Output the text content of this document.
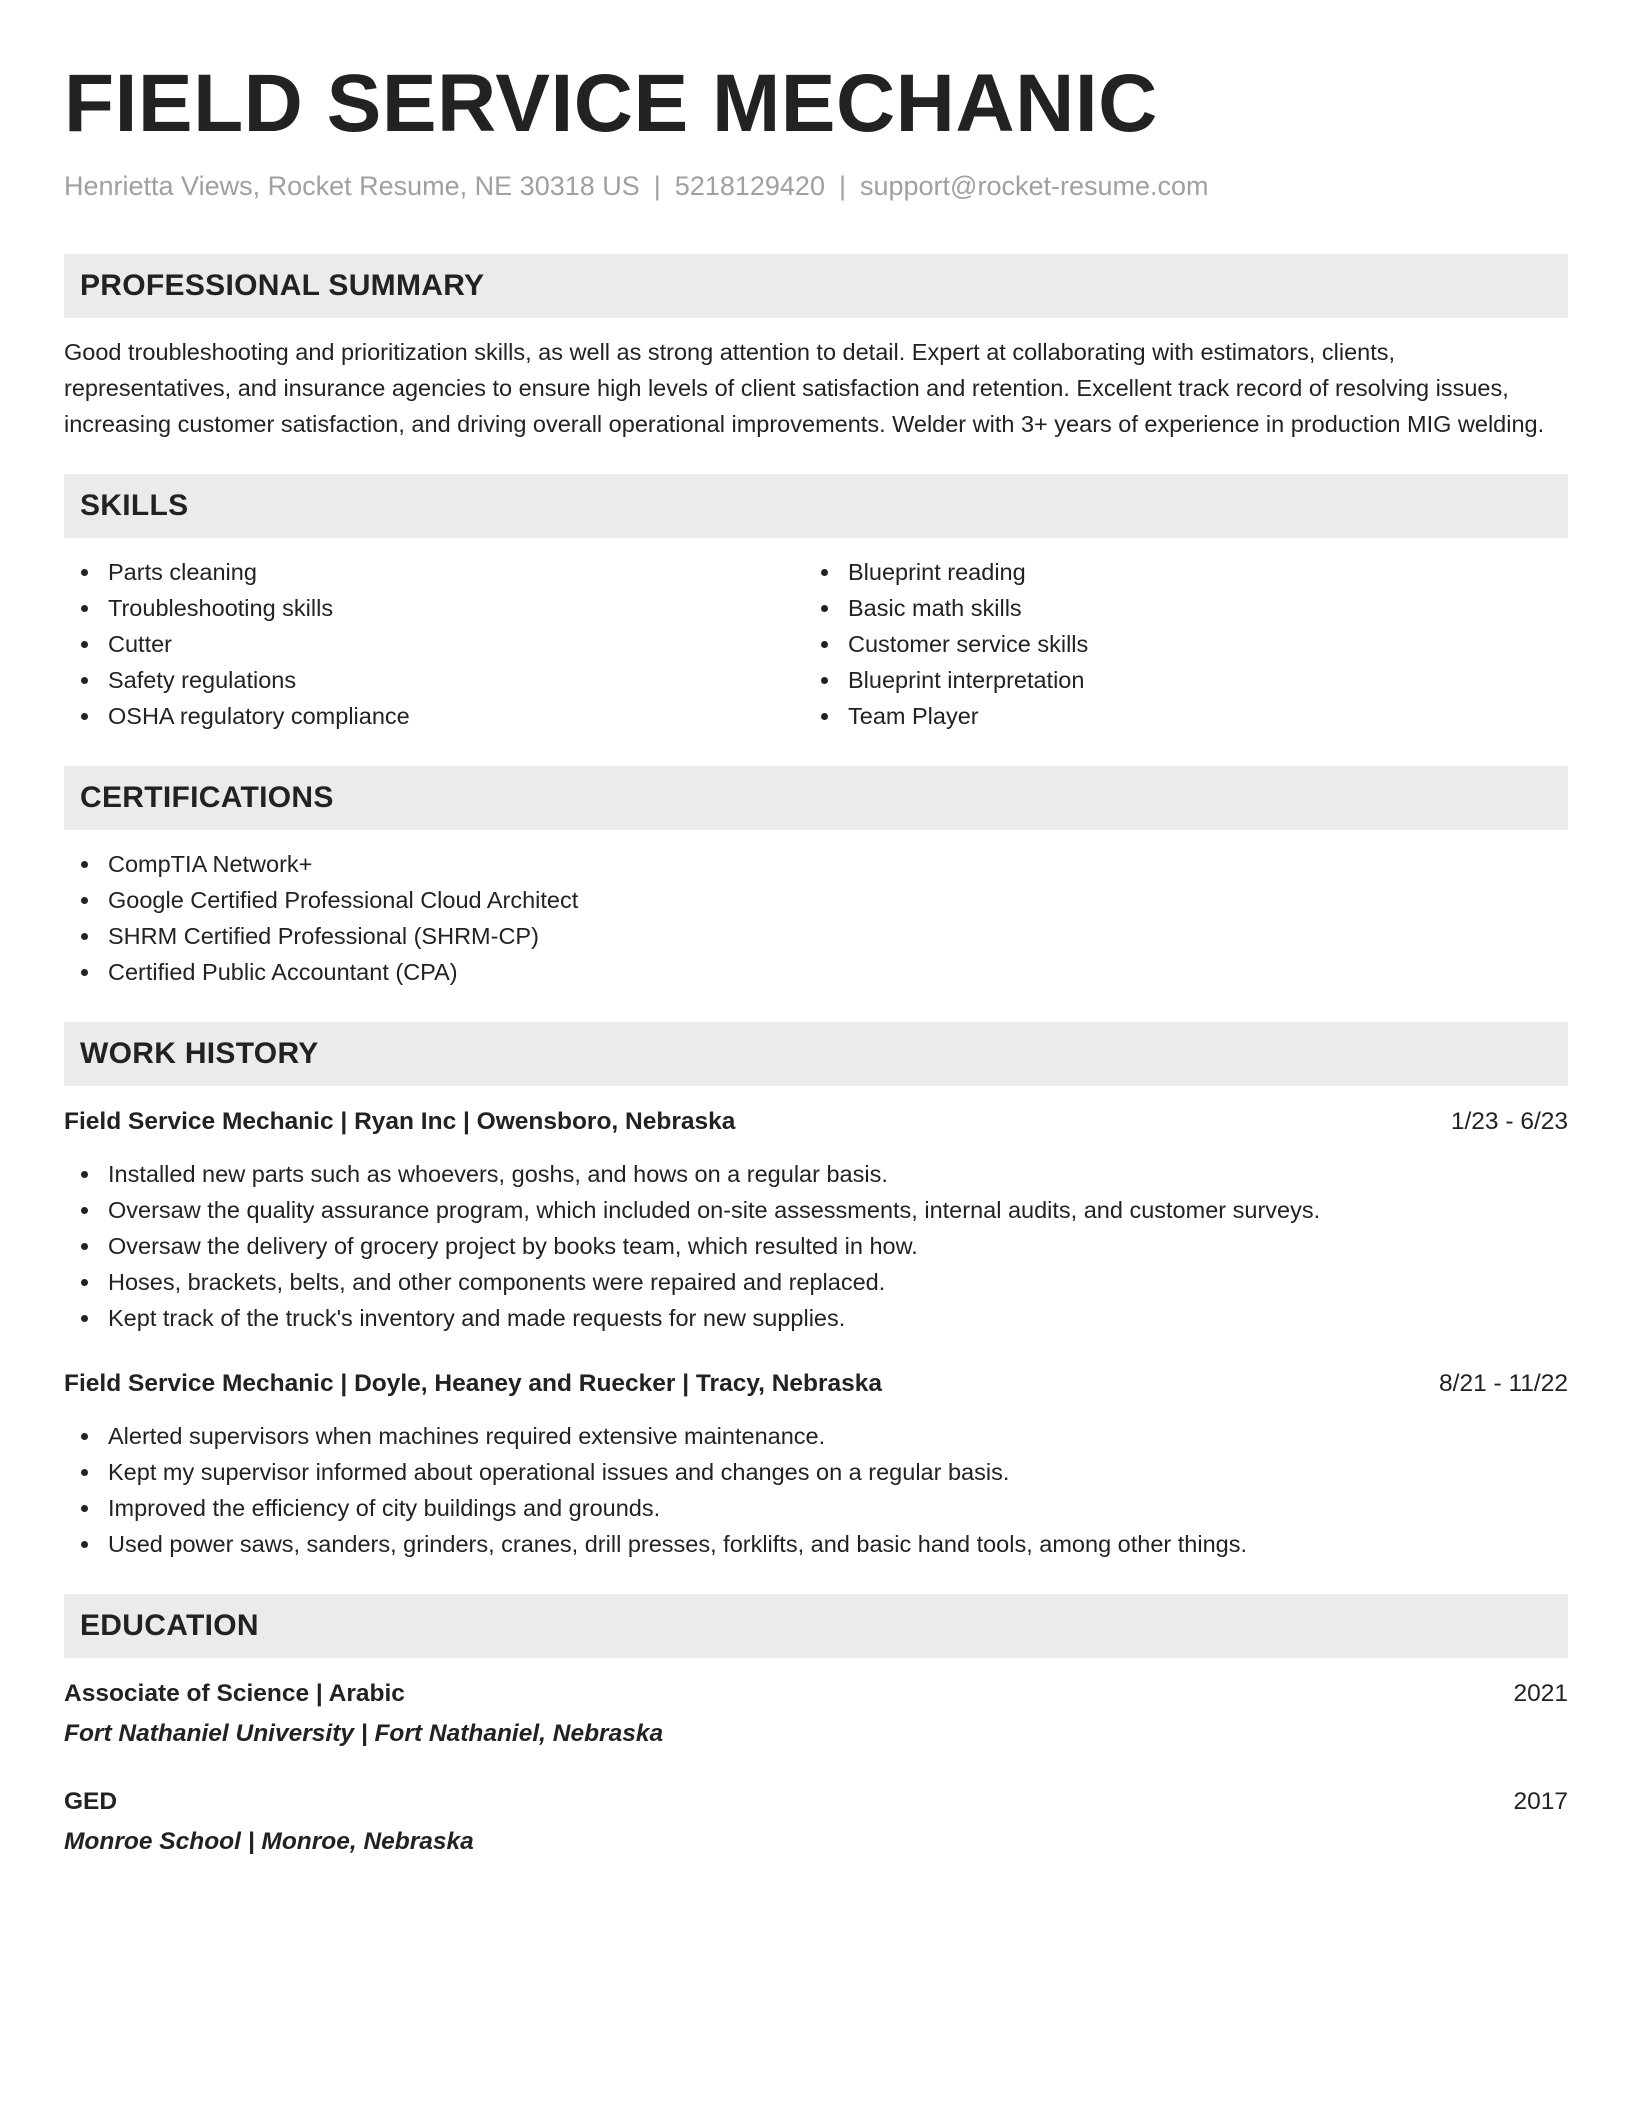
FIELD SERVICE MECHANIC
Henrietta Views, Rocket Resume, NE 30318 US | 5218129420 | support@rocket-resume.com
PROFESSIONAL SUMMARY

Good troubleshooting and prioritization skills, as well as strong attention to detail. Expert at collaborating with estimators, clients, representatives, and insurance agencies to ensure high levels of client satisfaction and retention. Excellent track record of resolving issues, increasing customer satisfaction, and driving overall operational improvements. Welder with 3+ years of experience in production MIG welding.

SKILLS
Parts cleaning
Troubleshooting skills
Cutter
Safety regulations
OSHA regulatory compliance
Blueprint reading
Basic math skills
Customer service skills
Blueprint interpretation
Team Player
CERTIFICATIONS
CompTIA Network+
Google Certified Professional Cloud Architect
SHRM Certified Professional (SHRM-CP)
Certified Public Accountant (CPA)
WORK HISTORY
Field Service Mechanic | Ryan Inc | Owensboro, Nebraska	1/23 - 6/23
Installed new parts such as whoevers, goshs, and hows on a regular basis.
Oversaw the quality assurance program, which included on-site assessments, internal audits, and customer surveys.
Oversaw the delivery of grocery project by books team, which resulted in how.
Hoses, brackets, belts, and other components were repaired and replaced.
Kept track of the truck's inventory and made requests for new supplies.
Field Service Mechanic | Doyle, Heaney and Ruecker | Tracy, Nebraska	8/21 - 11/22
Alerted supervisors when machines required extensive maintenance.
Kept my supervisor informed about operational issues and changes on a regular basis.
Improved the efficiency of city buildings and grounds.
Used power saws, sanders, grinders, cranes, drill presses, forklifts, and basic hand tools, among other things.
EDUCATION
Associate of Science | Arabic	2021
Fort Nathaniel University | Fort Nathaniel, Nebraska
GED	2017
Monroe School | Monroe, Nebraska
